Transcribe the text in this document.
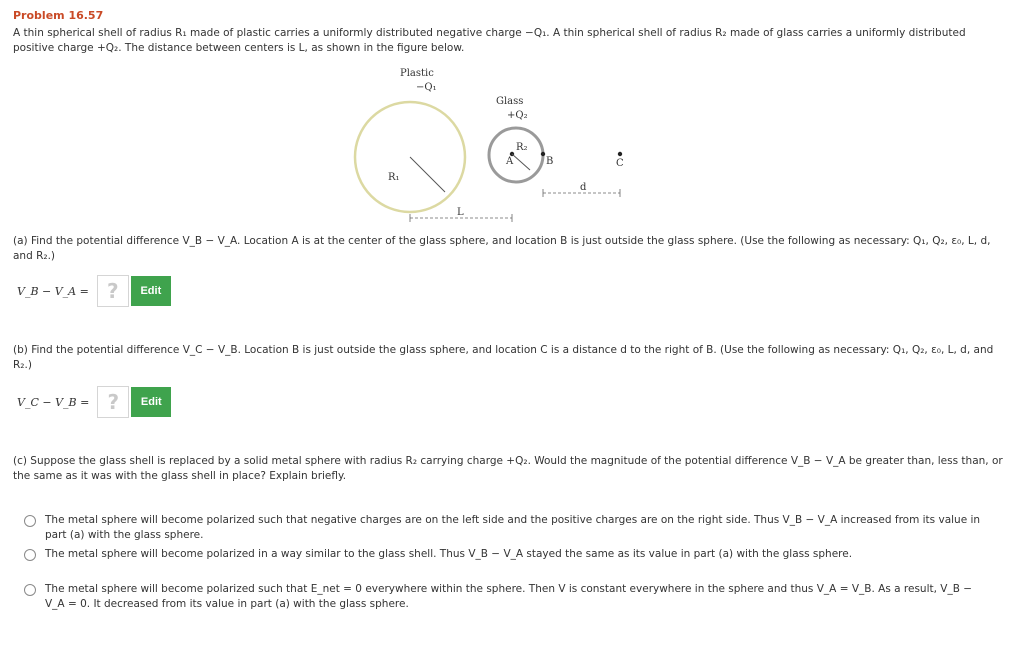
Problem 16.57
A thin spherical shell of radius R₁ made of plastic carries a uniformly distributed negative charge −Q₁. A thin spherical shell of radius R₂ made of glass carries a uniformly distributed positive charge +Q₂. The distance between centers is L, as shown in the figure below.
Plastic
−Q₁
R₁
Glass
+Q₂
R₂
A	B	C
d
L
(a) Find the potential difference V_B − V_A. Location A is at the center of the glass sphere, and location B is just outside the glass sphere. (Use the following as necessary: Q₁, Q₂, ε₀, L, d, and R₂.)
V_B − V_A = ?	Edit
(b) Find the potential difference V_C − V_B. Location B is just outside the glass sphere, and location C is a distance d to the right of B. (Use the following as necessary: Q₁, Q₂, ε₀, L, d, and R₂.)
V_C − V_B = ?	Edit
(c) Suppose the glass shell is replaced by a solid metal sphere with radius R₂ carrying charge +Q₂. Would the magnitude of the potential difference V_B − V_A be greater than, less than, or the same as it was with the glass shell in place? Explain briefly.
The metal sphere will become polarized such that negative charges are on the left side and the positive charges are on the right side. Thus V_B − V_A increased from its value in part (a) with the glass sphere.
The metal sphere will become polarized in a way similar to the glass shell. Thus V_B − V_A stayed the same as its value in part (a) with the glass sphere.
The metal sphere will become polarized such that E_net = 0 everywhere within the sphere. Then V is constant everywhere in the sphere and thus V_A = V_B. As a result, V_B − V_A = 0. It decreased from its value in part (a) with the glass sphere.
